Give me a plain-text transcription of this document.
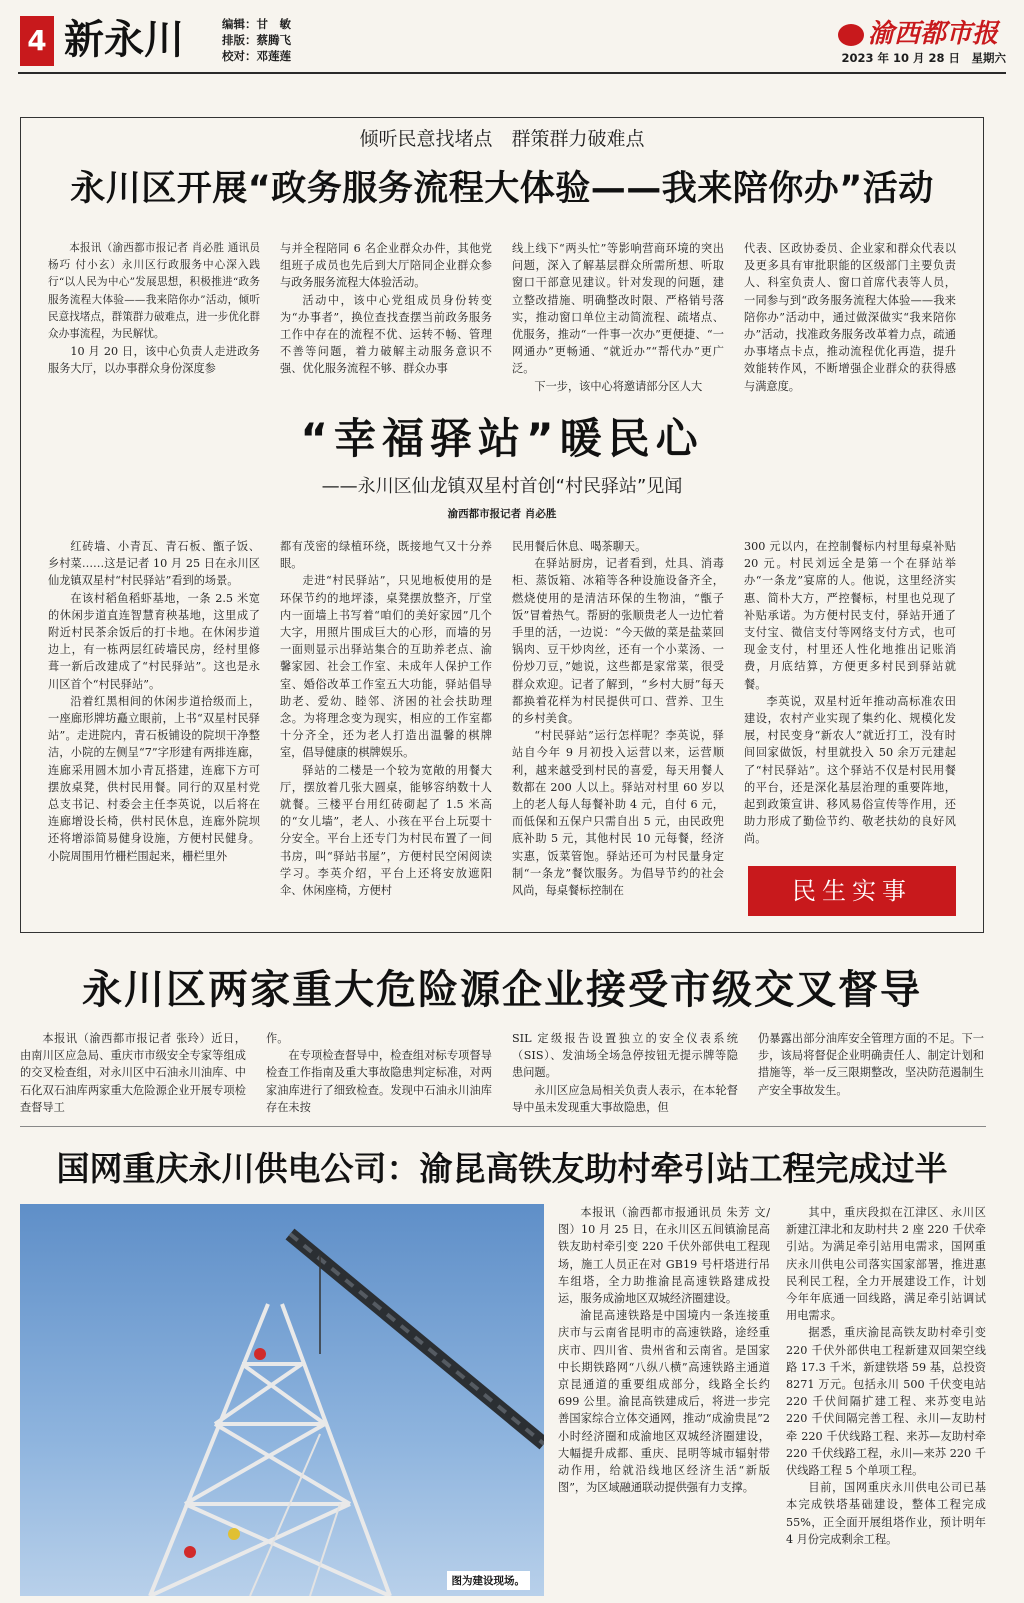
4 新永川	编辑：甘　敏
排版：蔡腾飞
校对：邓莲莲
渝西都市报
2023 年 10 月 28 日　星期六
倾听民意找堵点　群策群力破难点
永川区开展“政务服务流程大体验——我来陪你办”活动

本报讯（渝西都市报记者 肖必胜 通讯员 杨巧 付小玄）永川区行政服务中心深入践行“以人民为中心”发展思想，积极推进“政务服务流程大体验——我来陪你办”活动，倾听民意找堵点，群策群力破难点，进一步优化群众办事流程，为民解忧。

10 月 20 日，该中心负责人走进政务服务大厅，以办事群众身份深度参

与并全程陪同 6 名企业群众办件，其他党组班子成员也先后到大厅陪同企业群众参与政务服务流程大体验活动。

活动中，该中心党组成员身份转变为“办事者”，换位查找查摆当前政务服务工作中存在的流程不优、运转不畅、管理不善等问题，着力破解主动服务意识不强、优化服务流程不够、群众办事

线上线下“两头忙”等影响营商环境的突出问题，深入了解基层群众所需所想、听取窗口干部意见建议。针对发现的问题，建立整改措施、明确整改时限、严格销号落实，推动窗口单位主动简流程、疏堵点、优服务，推动“一件事一次办”更便捷、“一网通办”更畅通、“就近办”“帮代办”更广泛。

下一步，该中心将邀请部分区人大

代表、区政协委员、企业家和群众代表以及更多具有审批职能的区级部门主要负责人、科室负责人、窗口首席代表等人员，一同参与到“政务服务流程大体验——我来陪你办”活动中，通过做深做实“我来陪你办”活动，找准政务服务改革着力点，疏通办事堵点卡点，推动流程优化再造，提升效能转作风，不断增强企业群众的获得感与满意度。

“幸福驿站”暖民心
——永川区仙龙镇双星村首创“村民驿站”见闻
渝西都市报记者 肖必胜

红砖墙、小青瓦、青石板、甑子饭、乡村菜……这是记者 10 月 25 日在永川区仙龙镇双星村“村民驿站”看到的场景。

在该村稻鱼稻虾基地，一条 2.5 米宽的休闲步道直连智慧育秧基地，这里成了附近村民茶余饭后的打卡地。在休闲步道边上，有一栋两层红砖墙民房，经村里修葺一新后改建成了“村民驿站”。这也是永川区首个“村民驿站”。

沿着红黑相间的休闲步道拾级而上，一座廊形牌坊矗立眼前，上书“双星村民驿站”。走进院内，青石板铺设的院坝干净整洁，小院的左侧呈“7”字形建有两排连廊，连廊采用圆木加小青瓦搭建，连廊下方可摆放桌凳，供村民用餐。同行的双星村党总支书记、村委会主任李英说，以后将在连廊增设长椅，供村民休息，连廊外院坝还将增添简易健身设施，方便村民健身。小院周围用竹栅栏围起来，栅栏里外

都有茂密的绿植环绕，既接地气又十分养眼。

走进“村民驿站”，只见地板使用的是环保节约的地坪漆，桌凳摆放整齐，厅堂内一面墙上书写着“咱们的美好家园”几个大字，用照片围成巨大的心形，而墙的另一面则显示出驿站集合的互助养老点、渝馨家园、社会工作室、未成年人保护工作室、婚俗改革工作室五大功能，驿站倡导助老、爱幼、睦邻、济困的社会扶助理念。为将理念变为现实，相应的工作室都十分齐全，还为老人打造出温馨的棋牌室，倡导健康的棋牌娱乐。

驿站的二楼是一个较为宽敞的用餐大厅，摆放着几张大圆桌，能够容纳数十人就餐。三楼平台用红砖砌起了 1.5 米高的“女儿墙”，老人、小孩在平台上玩耍十分安全。平台上还专门为村民布置了一间书房，叫“驿站书屋”，方便村民空闲阅读学习。李英介绍，平台上还将安放遮阳伞、休闲座椅，方便村

民用餐后休息、喝茶聊天。

在驿站厨房，记者看到，灶具、消毒柜、蒸饭箱、冰箱等各种设施设备齐全，燃烧使用的是清洁环保的生物油，“甑子饭”冒着热气。帮厨的张顺贵老人一边忙着手里的活，一边说：“今天做的菜是盐菜回锅肉、豆干炒肉丝，还有一个小菜汤、一份炒刀豆，”她说，这些都是家常菜，很受群众欢迎。记者了解到，“乡村大厨”每天都换着花样为村民提供可口、营养、卫生的乡村美食。

“村民驿站”运行怎样呢？李英说，驿站自今年 9 月初投入运营以来，运营顺利，越来越受到村民的喜爱，每天用餐人数都在 200 人以上。驿站对村里 60 岁以上的老人每人每餐补助 4 元，自付 6 元，而低保和五保户只需自出 5 元，由民政兜底补助 5 元，其他村民 10 元每餐，经济实惠，饭菜管饱。驿站还可为村民量身定制“一条龙”餐饮服务。为倡导节约的社会风尚，每桌餐标控制在

300 元以内，在控制餐标内村里每桌补贴 20 元。村民刘远全是第一个在驿站举办“一条龙”宴席的人。他说，这里经济实惠、简朴大方，严控餐标，村里也兑现了补贴承诺。为方便村民支付，驿站开通了支付宝、微信支付等网络支付方式，也可现金支付，村里还人性化地推出记账消费，月底结算，方便更多村民到驿站就餐。

李英说，双星村近年推动高标准农田建设，农村产业实现了集约化、规模化发展，村民变身“新农人”就近打工，没有时间回家做饭，村里就投入 50 余万元建起了“村民驿站”。这个驿站不仅是村民用餐的平台，还是深化基层治理的重要阵地，起到政策宣讲、移风易俗宣传等作用，还助力形成了勤俭节约、敬老扶幼的良好风尚。

民生实事
永川区两家重大危险源企业接受市级交叉督导

本报讯（渝西都市报记者 张玲）近日，由南川区应急局、重庆市市级安全专家等组成的交叉检查组，对永川区中石油永川油库、中石化双石油库两家重大危险源企业开展专项检查督导工

作。

在专项检查督导中，检查组对标专项督导检查工作指南及重大事故隐患判定标准，对两家油库进行了细致检查。发现中石油永川油库存在未按

SIL 定级报告设置独立的安全仪表系统（SIS）、发油场全场急停按钮无提示牌等隐患问题。

永川区应急局相关负责人表示，在本轮督导中虽未发现重大事故隐患，但

仍暴露出部分油库安全管理方面的不足。下一步，该局将督促企业明确责任人、制定计划和措施等，举一反三限期整改，坚决防范遏制生产安全事故发生。

国网重庆永川供电公司：渝昆高铁友助村牵引站工程完成过半
图为建设现场。

本报讯（渝西都市报通讯员 朱芳 文/图）10 月 25 日，在永川区五间镇渝昆高铁友助村牵引变 220 千伏外部供电工程现场，施工人员正在对 GB19 号杆塔进行吊车组塔，全力助推渝昆高速铁路建成投运，服务成渝地区双城经济圈建设。

渝昆高速铁路是中国境内一条连接重庆市与云南省昆明市的高速铁路，途经重庆市、四川省、贵州省和云南省。是国家中长期铁路网“八纵八横”高速铁路主通道京昆通道的重要组成部分，线路全长约 699 公里。渝昆高铁建成后，将进一步完善国家综合立体交通网，推动“成渝贵昆”2 小时经济圈和成渝地区双城经济圈建设，大幅提升成都、重庆、昆明等城市辐射带动作用，给就沿线地区经济生活“新版图”，为区域融通联动提供强有力支撑。

其中，重庆段拟在江津区、永川区新建江津北和友助村共 2 座 220 千伏牵引站。为满足牵引站用电需求，国网重庆永川供电公司落实国家部署，推进惠民利民工程，全力开展建设工作，计划今年年底通一回线路，满足牵引站调试用电需求。

据悉，重庆渝昆高铁友助村牵引变 220 千伏外部供电工程新建双回架空线路 17.3 千米，新建铁塔 59 基，总投资 8271 万元。包括永川 500 千伏变电站 220 千伏间隔扩建工程、来苏变电站 220 千伏间隔完善工程、永川—友助村牵 220 千伏线路工程、来苏—友助村牵 220 千伏线路工程，永川—来苏 220 千伏线路工程 5 个单项工程。

目前，国网重庆永川供电公司已基本完成铁塔基础建设，整体工程完成 55%，正全面开展组塔作业，预计明年 4 月份完成剩余工程。
